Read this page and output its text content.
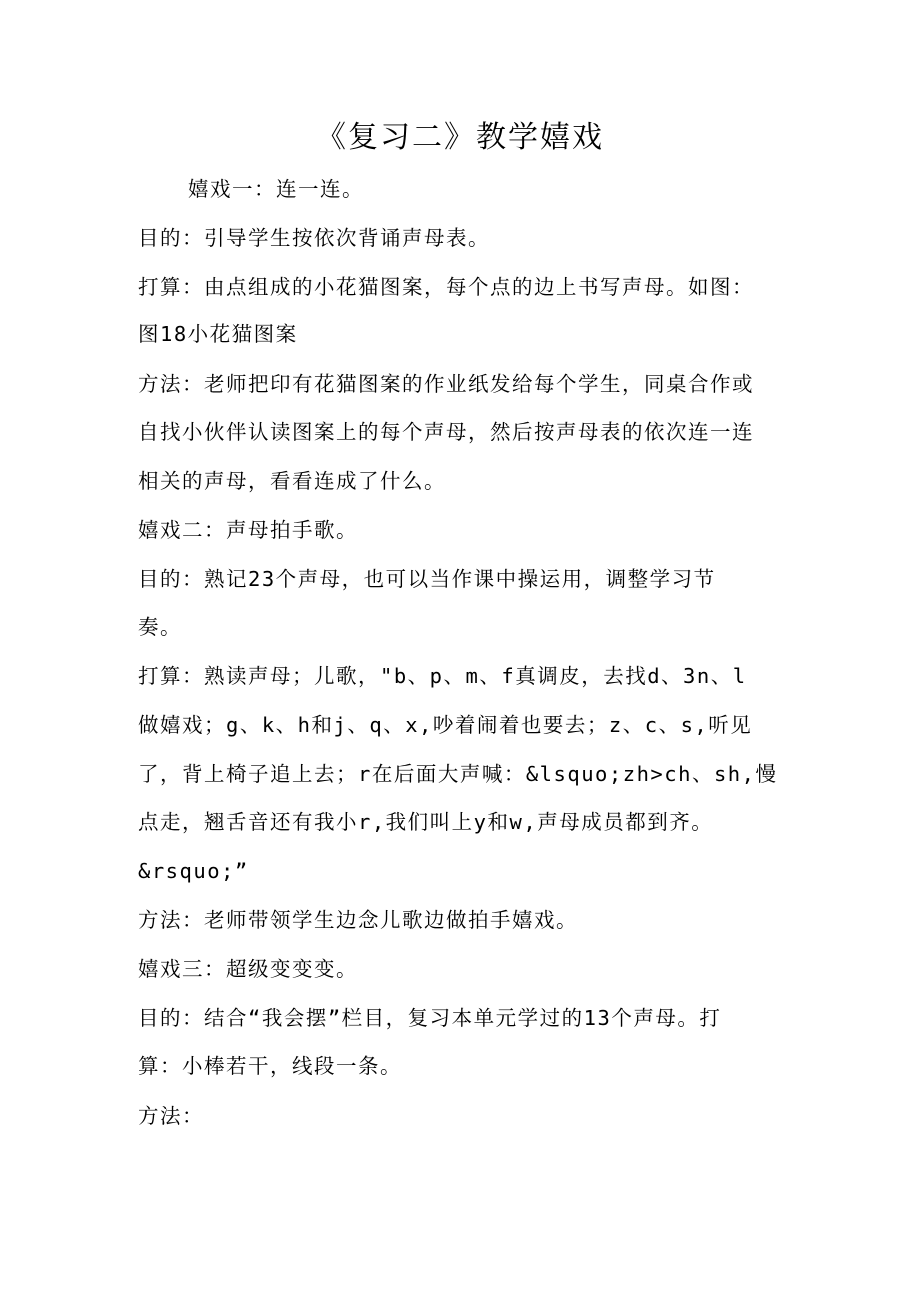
《复习二》教学嬉戏
嬉戏一：连一连。
目的：引导学生按依次背诵声母表。
打算：由点组成的小花猫图案，每个点的边上书写声母。如图：
图18小花猫图案
方法：老师把印有花猫图案的作业纸发给每个学生，同桌合作或
自找小伙伴认读图案上的每个声母，然后按声母表的依次连一连
相关的声母，看看连成了什么。
嬉戏二：声母拍手歌。
目的：熟记23个声母，也可以当作课中操运用，调整学习节
奏。
打算：熟读声母；儿歌，"b、p、m、f真调皮，去找d、3n、l
做嬉戏；g、k、h和j、q、x,吵着闹着也要去；z、c、s,听见
了，背上椅子追上去；r在后面大声喊：&lsquo;zh>ch、sh,慢
点走，翘舌音还有我小r,我们叫上y和w,声母成员都到齐。
&rsquo;”
方法：老师带领学生边念儿歌边做拍手嬉戏。
嬉戏三：超级变变变。
目的：结合“我会摆”栏目，复习本单元学过的13个声母。打
算：小棒若干，线段一条。
方法：
